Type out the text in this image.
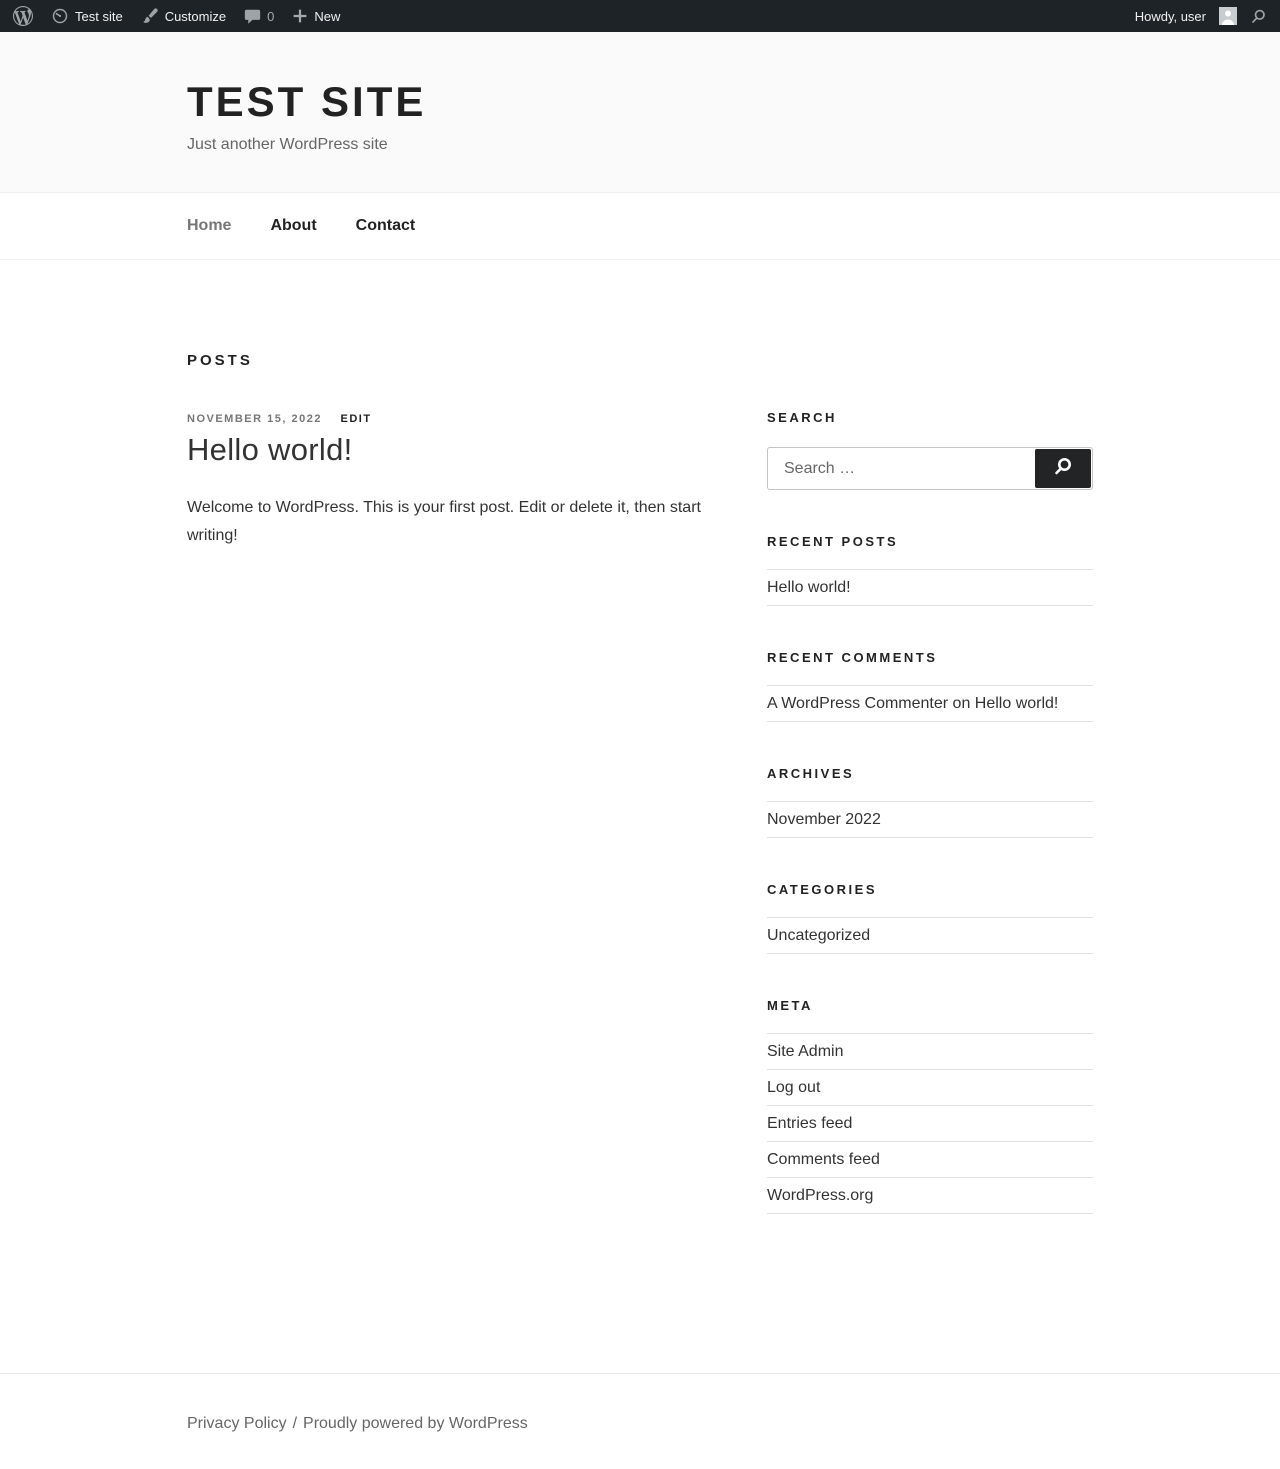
Test site	Customize	0	New	Howdy, user
TEST SITE
Just another WordPress site
Home About Contact
POSTS
NOVEMBER 15, 2022 EDIT
Hello world!

Welcome to WordPress. This is your first post. Edit or delete it, then start writing!

SEARCH
Search …
RECENT POSTS
Hello world!
RECENT COMMENTS
A WordPress Commenter on Hello world!
ARCHIVES
November 2022
CATEGORIES
Uncategorized
META
Site Admin
Log out
Entries feed
Comments feed
WordPress.org
Privacy Policy / Proudly powered by WordPress
